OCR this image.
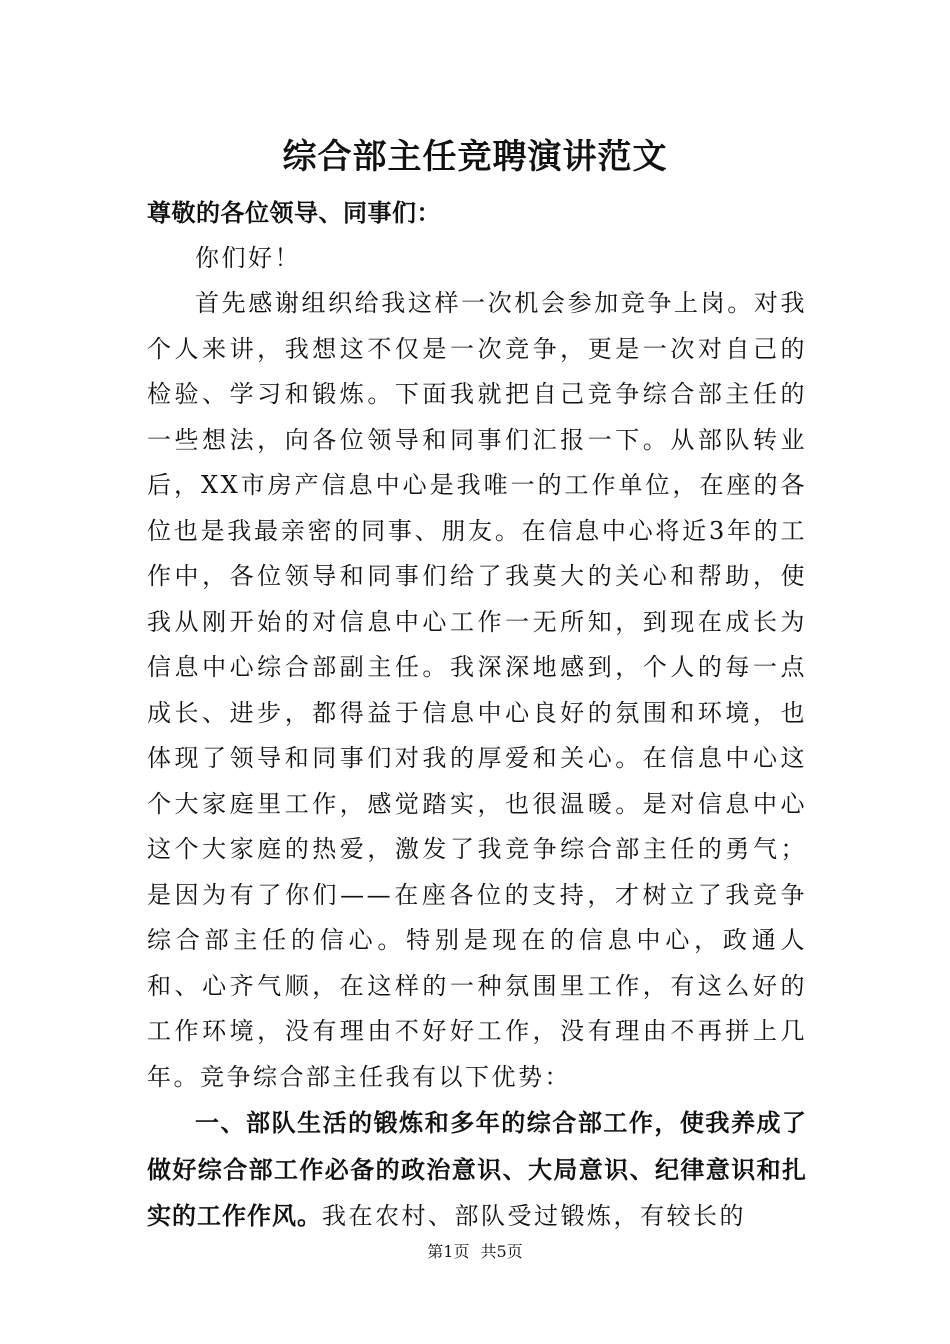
综合部主任竞聘演讲范文

尊敬的各位领导、同事们：

你们好！

首先感谢组织给我这样一次机会参加竞争上岗。对我个人来讲，我想这不仅是一次竞争，更是一次对自己的检验、学习和锻炼。下面我就把自己竞争综合部主任的一些想法，向各位领导和同事们汇报一下。从部队转业后，XX市房产信息中心是我唯一的工作单位，在座的各位也是我最亲密的同事、朋友。在信息中心将近3年的工作中，各位领导和同事们给了我莫大的关心和帮助，使我从刚开始的对信息中心工作一无所知，到现在成长为信息中心综合部副主任。我深深地感到，个人的每一点成长、进步，都得益于信息中心良好的氛围和环境，也体现了领导和同事们对我的厚爱和关心。在信息中心这个大家庭里工作，感觉踏实，也很温暖。是对信息中心这个大家庭的热爱，激发了我竞争综合部主任的勇气；是因为有了你们——在座各位的支持，才树立了我竞争综合部主任的信心。特别是现在的信息中心，政通人和、心齐气顺，在这样的一种氛围里工作，有这么好的工作环境，没有理由不好好工作，没有理由不再拼上几年。竞争综合部主任我有以下优势：

一、部队生活的锻炼和多年的综合部工作，使我养成了做好综合部工作必备的政治意识、大局意识、纪律意识和扎实的工作作风。我在农村、部队受过锻炼，有较长的

第1页 共5页
